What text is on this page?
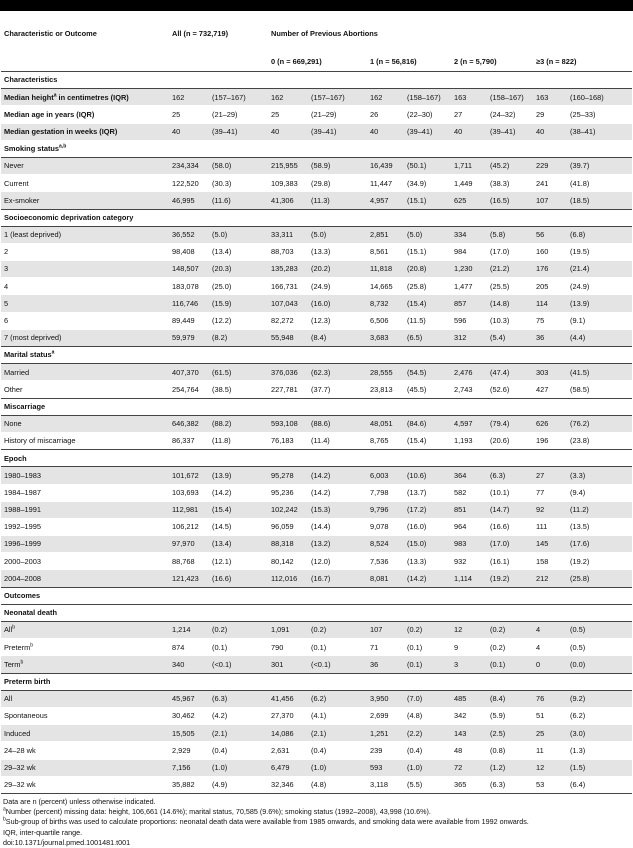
Characteristic or Outcome	All (n = 732,719)		Number of Previous Abortions	
			0 (n = 669,291)		1 (n = 56,816)		2 (n = 5,790)		≥3 (n = 822)		
Characteristics											
Median height$^a$ in centimetres (IQR)	162	(157–167)	162	(157–167)	162	(158–167)	163	(158–167)	163	(160–168)	
Median age in years (IQR)	25	(21–29)	25	(21–29)	26	(22–30)	27	(24–32)	29	(25–33)	
Median gestation in weeks (IQR)	40	(39–41)	40	(39–41)	40	(39–41)	40	(39–41)	40	(38–41)	
Smoking status$^{a,b}$
Never	234,334	(58.0)	215,955	(58.9)	16,439	(50.1)	1,711	(45.2)	229	(39.7)	
Current	122,520	(30.3)	109,383	(29.8)	11,447	(34.9)	1,449	(38.3)	241	(41.8)	
Ex-smoker	46,995	(11.6)	41,306	(11.3)	4,957	(15.1)	625	(16.5)	107	(18.5)	
Socioeconomic deprivation category											
1 (least deprived)	36,552	(5.0)	33,311	(5.0)	2,851	(5.0)	334	(5.8)	56	(6.8)	
2	98,408	(13.4)	88,703	(13.3)	8,561	(15.1)	984	(17.0)	160	(19.5)	
3	148,507	(20.3)	135,283	(20.2)	11,818	(20.8)	1,230	(21.2)	176	(21.4)	
4	183,078	(25.0)	166,731	(24.9)	14,665	(25.8)	1,477	(25.5)	205	(24.9)	
5	116,746	(15.9)	107,043	(16.0)	8,732	(15.4)	857	(14.8)	114	(13.9)	
6	89,449	(12.2)	82,272	(12.3)	6,506	(11.5)	596	(10.3)	75	(9.1)	
7 (most deprived)	59,979	(8.2)	55,948	(8.4)	3,683	(6.5)	312	(5.4)	36	(4.4)	
Marital status$^a$
Married	407,370	(61.5)	376,036	(62.3)	28,555	(54.5)	2,476	(47.4)	303	(41.5)	
Other	254,764	(38.5)	227,781	(37.7)	23,813	(45.5)	2,743	(52.6)	427	(58.5)	
Miscarriage											
None	646,382	(88.2)	593,108	(88.6)	48,051	(84.6)	4,597	(79.4)	626	(76.2)	
History of miscarriage	86,337	(11.8)	76,183	(11.4)	8,765	(15.4)	1,193	(20.6)	196	(23.8)	
Epoch											
1980–1983	101,672	(13.9)	95,278	(14.2)	6,003	(10.6)	364	(6.3)	27	(3.3)	
1984–1987	103,693	(14.2)	95,236	(14.2)	7,798	(13.7)	582	(10.1)	77	(9.4)	
1988–1991	112,981	(15.4)	102,242	(15.3)	9,796	(17.2)	851	(14.7)	92	(11.2)	
1992–1995	106,212	(14.5)	96,059	(14.4)	9,078	(16.0)	964	(16.6)	111	(13.5)	
1996–1999	97,970	(13.4)	88,318	(13.2)	8,524	(15.0)	983	(17.0)	145	(17.6)	
2000–2003	88,768	(12.1)	80,142	(12.0)	7,536	(13.3)	932	(16.1)	158	(19.2)	
2004–2008	121,423	(16.6)	112,016	(16.7)	8,081	(14.2)	1,114	(19.2)	212	(25.8)	
Outcomes											
Neonatal death											
All$^b$	1,214	(0.2)	1,091	(0.2)	107	(0.2)	12	(0.2)	4	(0.5)	
Preterm$^b$	874	(0.1)	790	(0.1)	71	(0.1)	9	(0.2)	4	(0.5)	
Term$^b$	340	(<0.1)	301	(<0.1)	36	(0.1)	3	(0.1)	0	(0.0)	
Preterm birth											
All	45,967	(6.3)	41,456	(6.2)	3,950	(7.0)	485	(8.4)	76	(9.2)	
Spontaneous	30,462	(4.2)	27,370	(4.1)	2,699	(4.8)	342	(5.9)	51	(6.2)	
Induced	15,505	(2.1)	14,086	(2.1)	1,251	(2.2)	143	(2.5)	25	(3.0)	
24–28 wk	2,929	(0.4)	2,631	(0.4)	239	(0.4)	48	(0.8)	11	(1.3)	
29–32 wk	7,156	(1.0)	6,479	(1.0)	593	(1.0)	72	(1.2)	12	(1.5)	
29–32 wk	35,882	(4.9)	32,346	(4.8)	3,118	(5.5)	365	(6.3)	53	(6.4)	
Data are n (percent) unless otherwise indicated.
$^a$Number (percent) missing data: height, 106,661 (14.6%); marital status, 70,585 (9.6%); smoking status (1992–2008), 43,998 (10.6%).
$^b$Sub-group of births was used to calculate proportions: neonatal death data were available from 1985 onwards, and smoking data were available from 1992 onwards.
IQR, inter-quartile range.
doi:10.1371/journal.pmed.1001481.t001
